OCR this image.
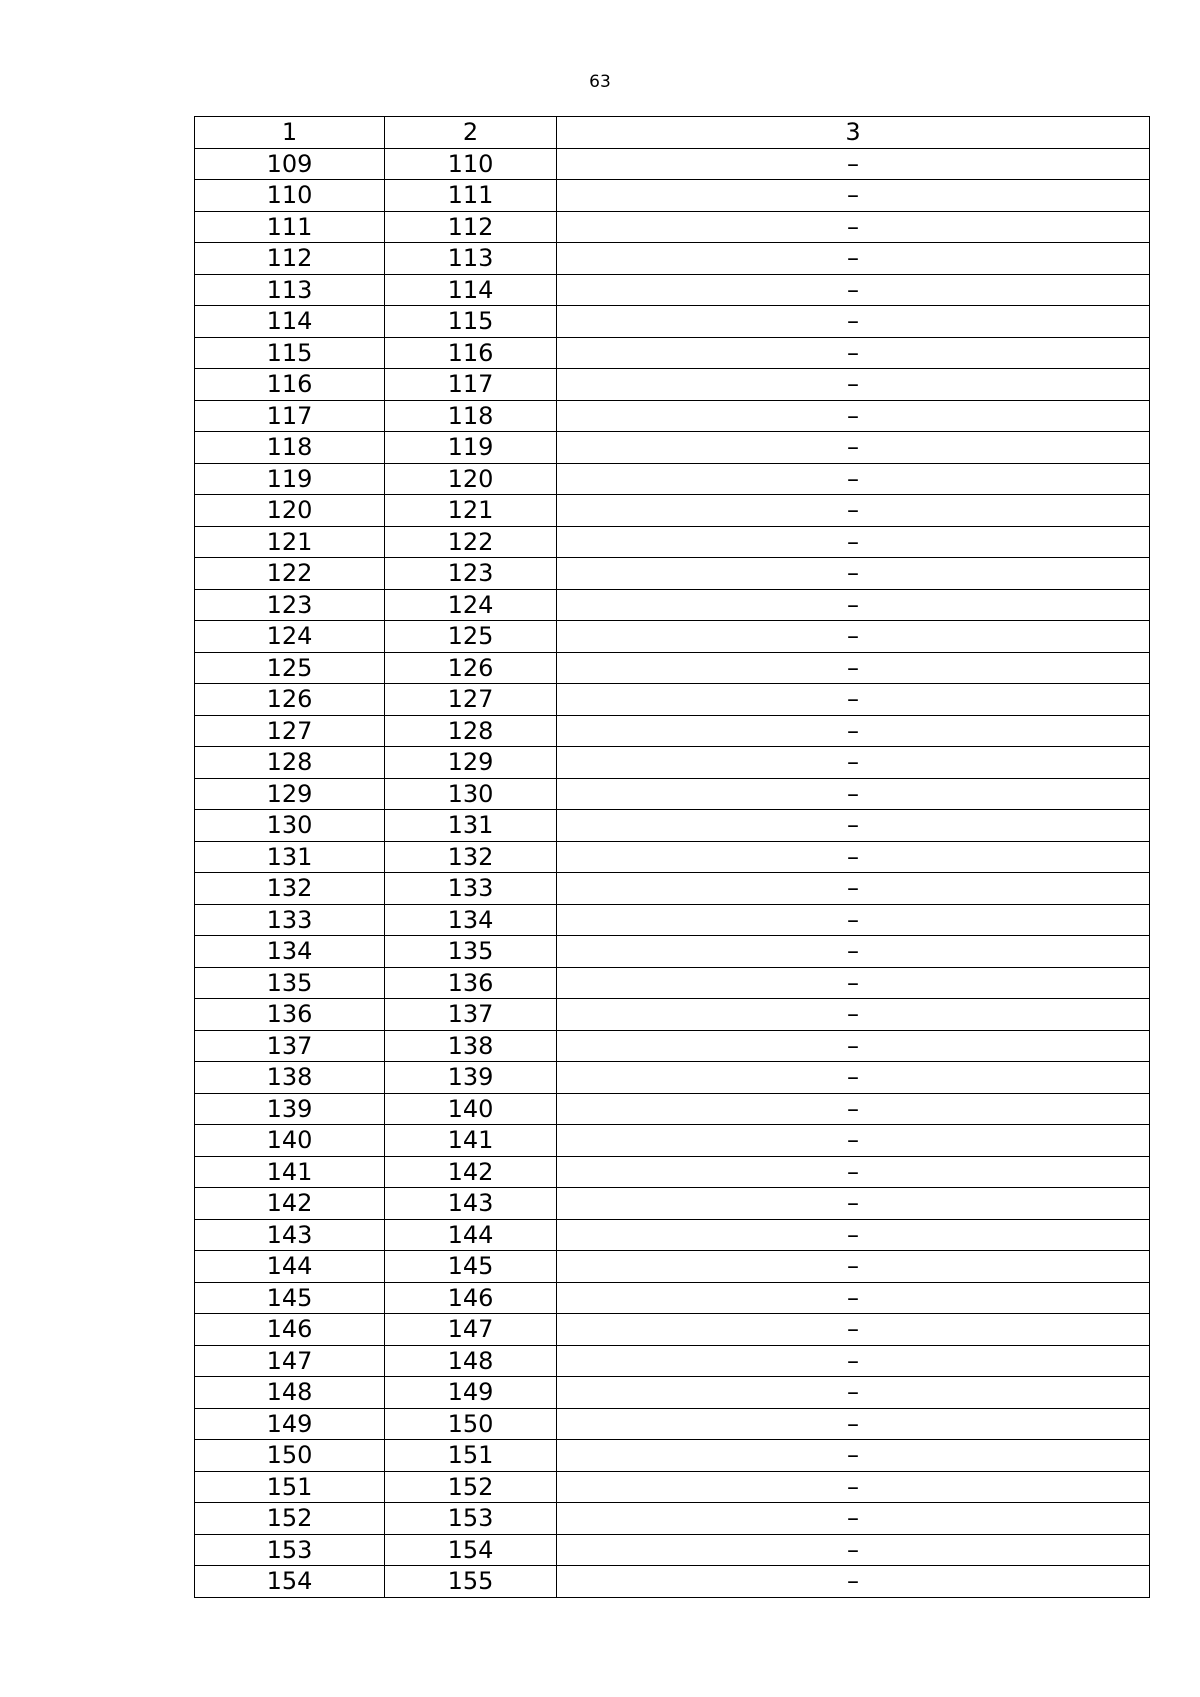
63
1	2	3
109	110	–
110	111	–
111	112	–
112	113	–
113	114	–
114	115	–
115	116	–
116	117	–
117	118	–
118	119	–
119	120	–
120	121	–
121	122	–
122	123	–
123	124	–
124	125	–
125	126	–
126	127	–
127	128	–
128	129	–
129	130	–
130	131	–
131	132	–
132	133	–
133	134	–
134	135	–
135	136	–
136	137	–
137	138	–
138	139	–
139	140	–
140	141	–
141	142	–
142	143	–
143	144	–
144	145	–
145	146	–
146	147	–
147	148	–
148	149	–
149	150	–
150	151	–
151	152	–
152	153	–
153	154	–
154	155	–
